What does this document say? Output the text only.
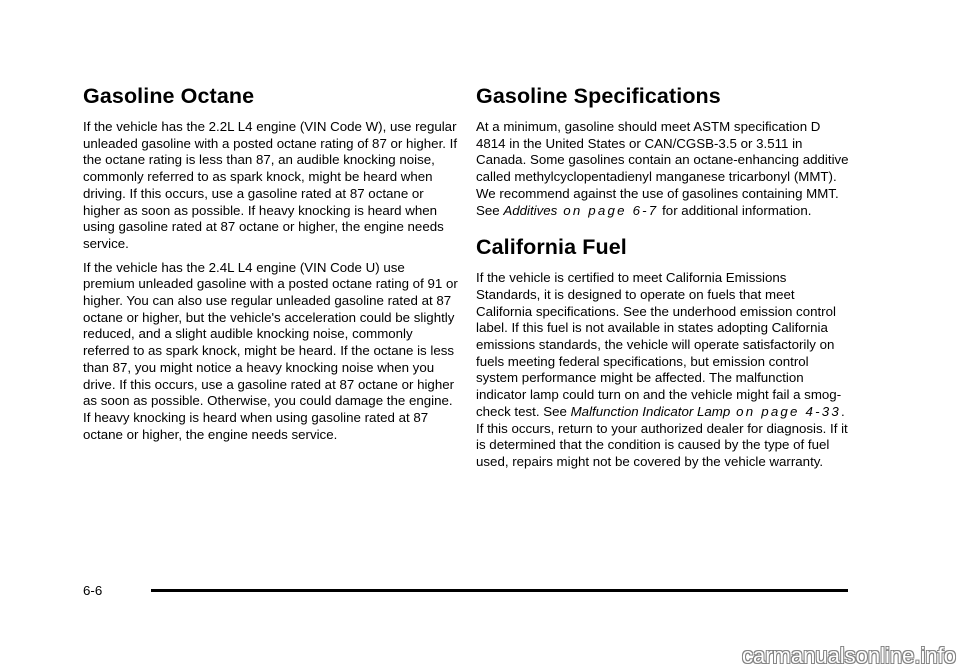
Gasoline Octane

If the vehicle has the 2.2L L4 engine (VIN Code W), use regular unleaded gasoline with a posted octane rating of 87 or higher. If the octane rating is less than 87, an audible knocking noise, commonly referred to as spark knock, might be heard when driving. If this occurs, use a gasoline rated at 87 octane or higher as soon as possible. If heavy knocking is heard when using gasoline rated at 87 octane or higher, the engine needs service.

If the vehicle has the 2.4L L4 engine (VIN Code U) use premium unleaded gasoline with a posted octane rating of 91 or higher. You can also use regular unleaded gasoline rated at 87 octane or higher, but the vehicle's acceleration could be slightly reduced, and a slight audible knocking noise, commonly referred to as spark knock, might be heard. If the octane is less than 87, you might notice a heavy knocking noise when you drive. If this occurs, use a gasoline rated at 87 octane or higher as soon as possible. Otherwise, you could damage the engine. If heavy knocking is heard when using gasoline rated at 87 octane or higher, the engine needs service.

Gasoline Specifications

At a minimum, gasoline should meet ASTM specification D 4814 in the United States or CAN/CGSB-3.5 or 3.511 in Canada. Some gasolines contain an octane-enhancing additive called methylcyclopentadienyl manganese tricarbonyl (MMT). We recommend against the use of gasolines containing MMT. See Additives on page 6-7 for additional information.

California Fuel

If the vehicle is certified to meet California Emissions Standards, it is designed to operate on fuels that meet California specifications. See the underhood emission control label. If this fuel is not available in states adopting California emissions standards, the vehicle will operate satisfactorily on fuels meeting federal specifications, but emission control system performance might be affected. The malfunction indicator lamp could turn on and the vehicle might fail a smog-check test. See Malfunction Indicator Lamp on page 4-33. If this occurs, return to your authorized dealer for diagnosis. If it is determined that the condition is caused by the type of fuel used, repairs might not be covered by the vehicle warranty.

6-6
carmanualsonline.info
